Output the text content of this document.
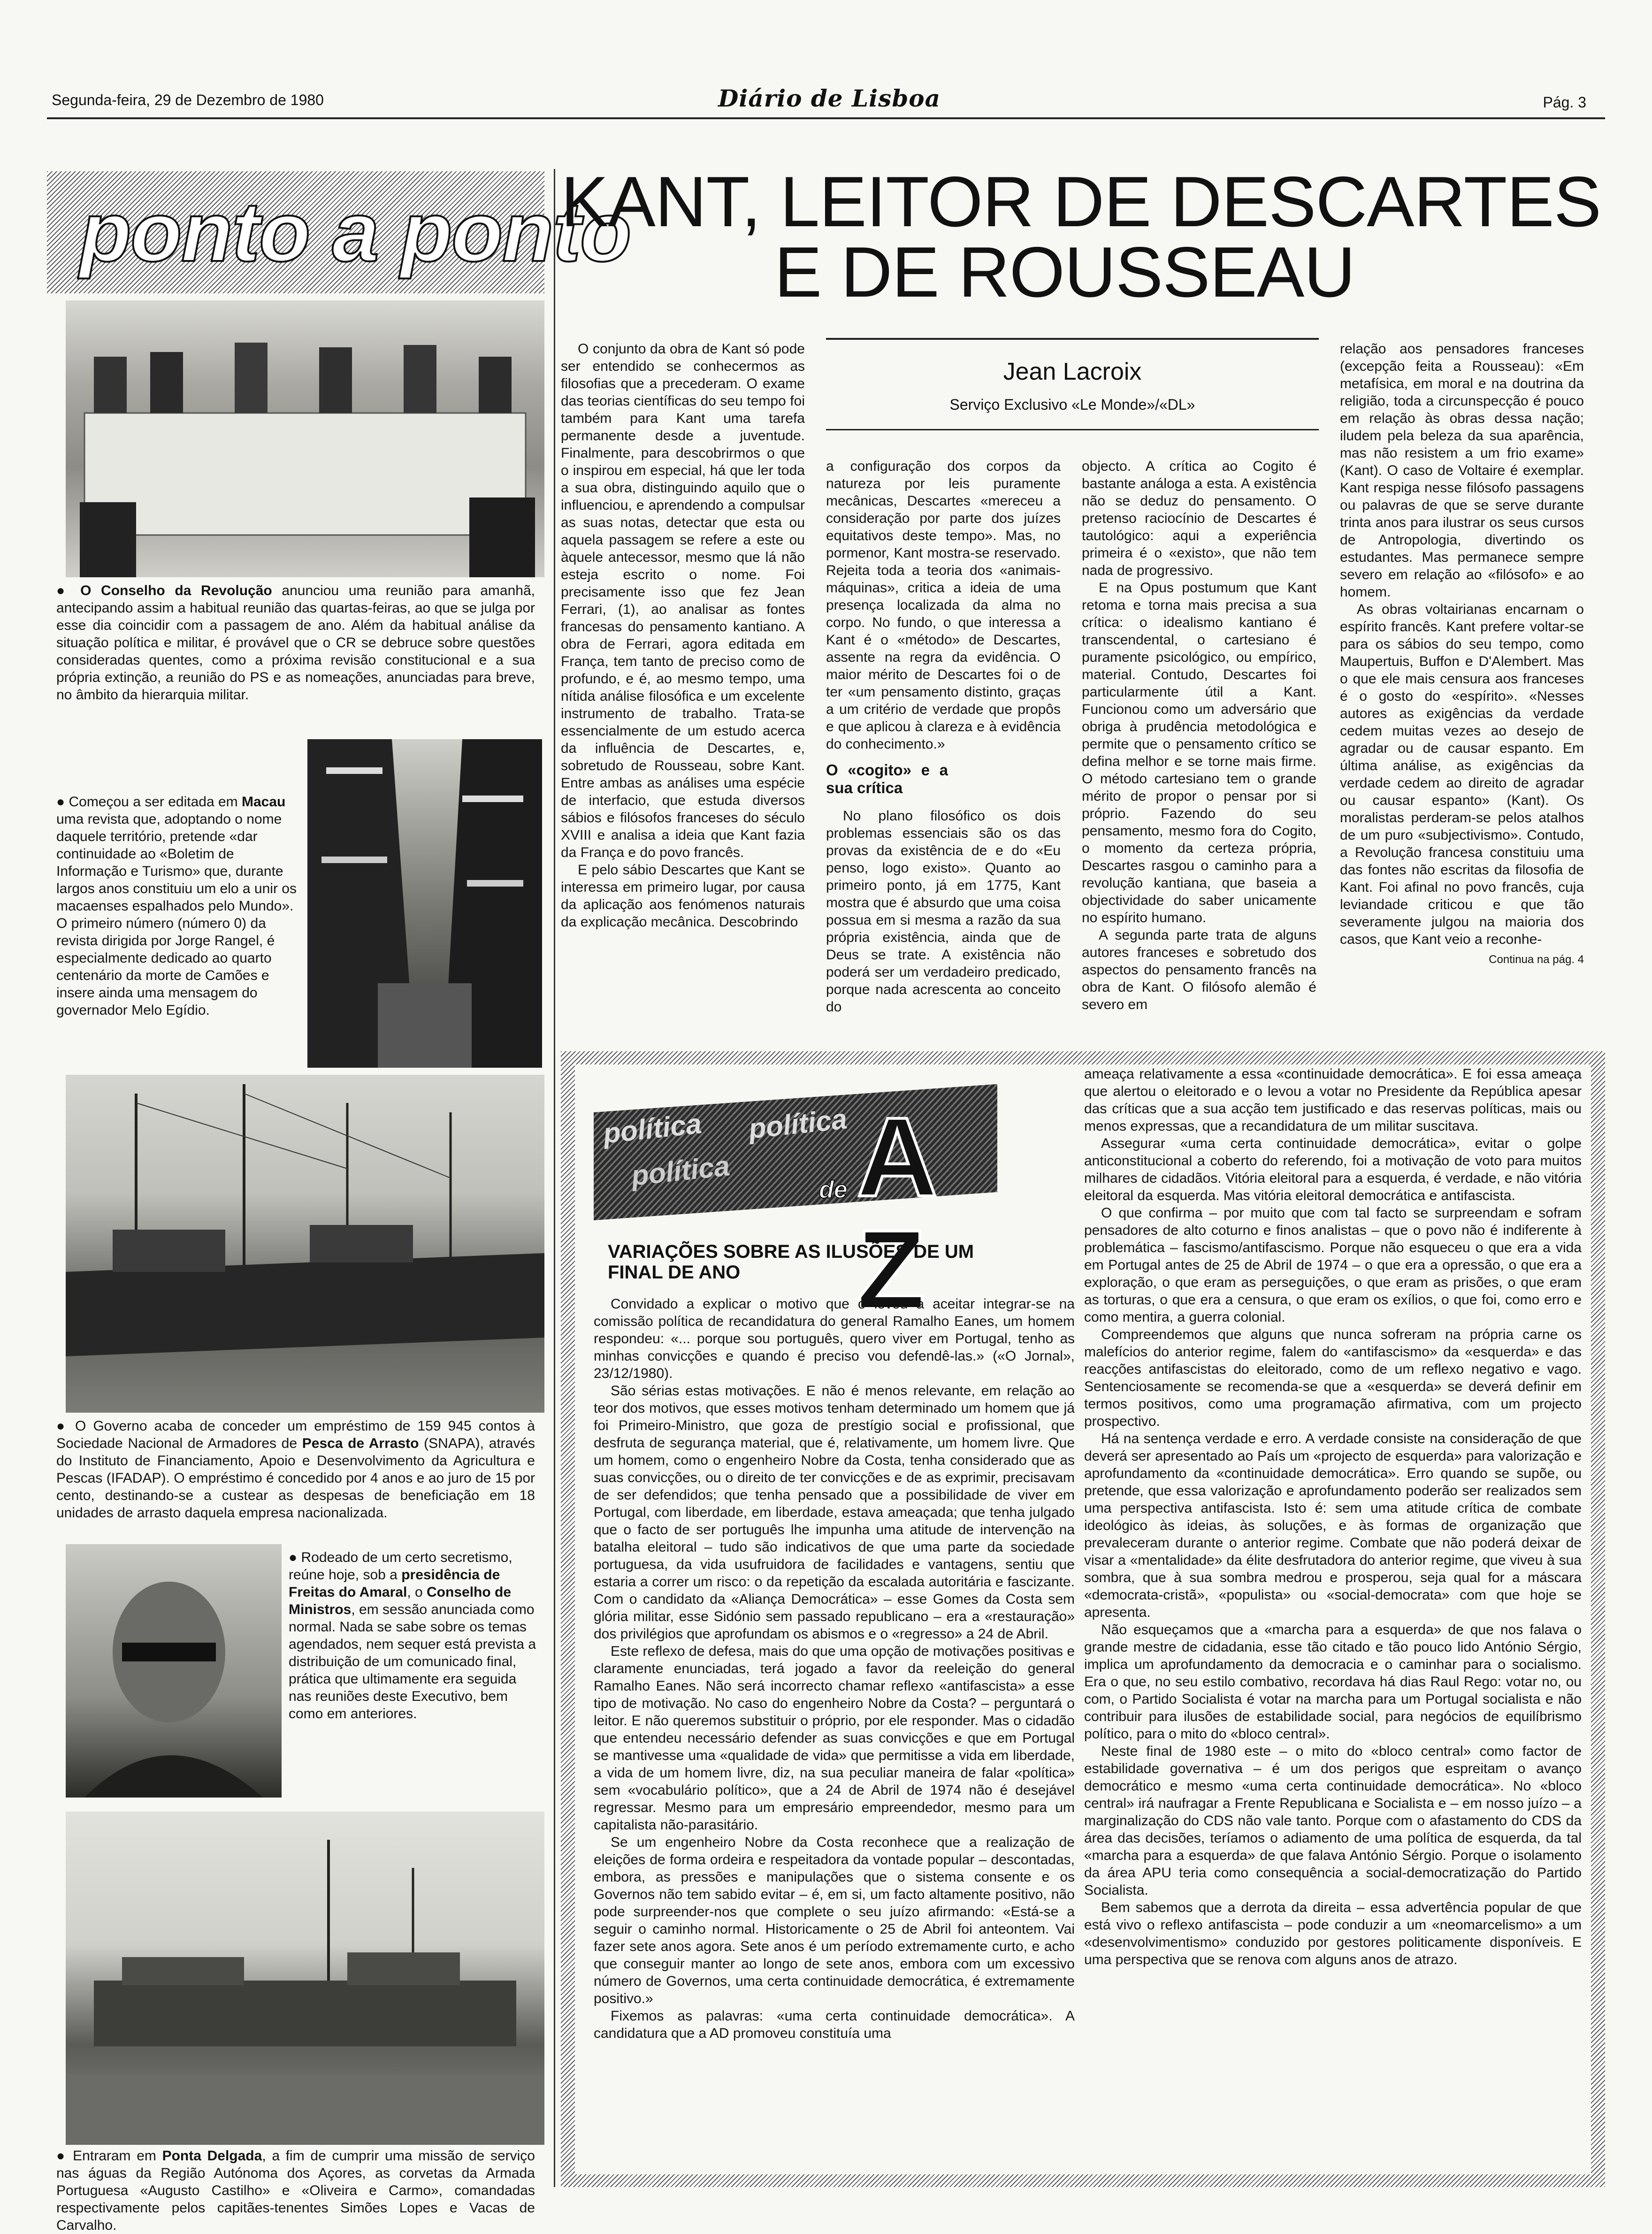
Segunda-feira, 29 de Dezembro de 1980	Diário de Lisboa	Pág. 3
ponto a ponto

● O Conselho da Revolução anunciou uma reunião para amanhã, antecipando assim a habitual reunião das quartas-feiras, ao que se julga por esse dia coincidir com a passagem de ano. Além da habitual análise da situação política e militar, é provável que o CR se debruce sobre questões consideradas quentes, como a próxima revisão constitucional e a sua própria extinção, a reunião do PS e as nomeações, anunciadas para breve, no âmbito da hierarquia militar.

● Começou a ser editada em Macau uma revista que, adoptando o nome daquele território, pretende «dar continuidade ao «Boletim de Informação e Turismo» que, durante largos anos constituiu um elo a unir os macaenses espalhados pelo Mundo». O primeiro número (número 0) da revista dirigida por Jorge Rangel, é especialmente dedicado ao quarto centenário da morte de Camões e insere ainda uma mensagem do governador Melo Egídio.

● O Governo acaba de conceder um empréstimo de 159 945 contos à Sociedade Nacional de Armadores de Pesca de Arrasto (SNAPA), através do Instituto de Financiamento, Apoio e Desenvolvimento da Agricultura e Pescas (IFADAP). O empréstimo é concedido por 4 anos e ao juro de 15 por cento, destinando-se a custear as despesas de beneficiação em 18 unidades de arrasto daquela empresa nacionalizada.

● Rodeado de um certo secretismo, reúne hoje, sob a presidência de Freitas do Amaral, o Conselho de Ministros, em sessão anunciada como normal. Nada se sabe sobre os temas agendados, nem sequer está prevista a distribuição de um comunicado final, prática que ultimamente era seguida nas reuniões deste Executivo, bem como em anteriores.

● Entraram em Ponta Delgada, a fim de cumprir uma missão de serviço nas águas da Região Autónoma dos Açores, as corvetas da Armada Portuguesa «Augusto Castilho» e «Oliveira e Carmo», comandadas respectivamente pelos capitães-tenentes Simões Lopes e Vacas de Carvalho.

KANT, LEITOR DE DESCARTES
E DE ROUSSEAU
Jean Lacroix
Serviço Exclusivo «Le Monde»/«DL»

O conjunto da obra de Kant só pode ser entendido se conhecermos as filosofias que a precederam. O exame das teorias científicas do seu tempo foi também para Kant uma tarefa permanente desde a juventude. Finalmente, para descobrirmos o que o inspirou em especial, há que ler toda a sua obra, distinguindo aquilo que o influenciou, e aprendendo a compulsar as suas notas, detectar que esta ou aquela passagem se refere a este ou àquele antecessor, mesmo que lá não esteja escrito o nome. Foi precisamente isso que fez Jean Ferrari, (1), ao analisar as fontes francesas do pensamento kantiano. A obra de Ferrari, agora editada em França, tem tanto de preciso como de profundo, e é, ao mesmo tempo, uma nítida análise filosófica e um excelente instrumento de trabalho. Trata-se essencialmente de um estudo acerca da influência de Descartes, e, sobretudo de Rousseau, sobre Kant. Entre ambas as análises uma espécie de interfacio, que estuda diversos sábios e filósofos franceses do século XVIII e analisa a ideia que Kant fazia da França e do povo francês.

E pelo sábio Descartes que Kant se interessa em primeiro lugar, por causa da aplicação aos fenómenos naturais da explicação mecânica. Descobrindo

a configuração dos corpos da natureza por leis puramente mecânicas, Descartes «mereceu a consideração por parte dos juízes equitativos deste tempo». Mas, no pormenor, Kant mostra-se reservado. Rejeita toda a teoria dos «animais-máquinas», critica a ideia de uma presença localizada da alma no corpo. No fundo, o que interessa a Kant é o «método» de Descartes, assente na regra da evidência. O maior mérito de Descartes foi o de ter «um pensamento distinto, graças a um critério de verdade que propôs e que aplicou à clareza e à evidência do conhecimento.»

O «cogito» e a sua crítica

No plano filosófico os dois problemas essenciais são os das provas da existência de e do «Eu penso, logo existo». Quanto ao primeiro ponto, já em 1775, Kant mostra que é absurdo que uma coisa possua em si mesma a razão da sua própria existência, ainda que de Deus se trate. A existência não poderá ser um verdadeiro predicado, porque nada acrescenta ao conceito do

objecto. A crítica ao Cogito é bastante análoga a esta. A existência não se deduz do pensamento. O pretenso raciocínio de Descartes é tautológico: aqui a experiência primeira é o «existo», que não tem nada de progressivo.

E na Opus postumum que Kant retoma e torna mais precisa a sua crítica: o idealismo kantiano é transcendental, o cartesiano é puramente psicológico, ou empírico, material. Contudo, Descartes foi particularmente útil a Kant. Funcionou como um adversário que obriga à prudência metodológica e permite que o pensamento crítico se defina melhor e se torne mais firme. O método cartesiano tem o grande mérito de propor o pensar por si próprio. Fazendo do seu pensamento, mesmo fora do Cogito, o momento da certeza própria, Descartes rasgou o caminho para a revolução kantiana, que baseia a objectividade do saber unicamente no espírito humano.

A segunda parte trata de alguns autores franceses e sobretudo dos aspectos do pensamento francês na obra de Kant. O filósofo alemão é severo em

relação aos pensadores franceses (excepção feita a Rousseau): «Em metafísica, em moral e na doutrina da religião, toda a circunspecção é pouco em relação às obras dessa nação; iludem pela beleza da sua aparência, mas não resistem a um frio exame» (Kant). O caso de Voltaire é exemplar. Kant respiga nesse filósofo passagens ou palavras de que se serve durante trinta anos para ilustrar os seus cursos de Antropologia, divertindo os estudantes. Mas permanece sempre severo em relação ao «filósofo» e ao homem.

As obras voltairianas encarnam o espírito francês. Kant prefere voltar-se para os sábios do seu tempo, como Maupertuis, Buffon e D'Alembert. Mas o que ele mais censura aos franceses é o gosto do «espírito». «Nesses autores as exigências da verdade cedem muitas vezes ao desejo de agradar ou de causar espanto. Em última análise, as exigências da verdade cedem ao direito de agradar ou causar espanto» (Kant). Os moralistas perderam-se pelos atalhos de um puro «subjectivismo». Contudo, a Revolução francesa constituiu uma das fontes não escritas da filosofia de Kant. Foi afinal no povo francês, cuja leviandade criticou e que tão severamente julgou na maioria dos casos, que Kant veio a reconhe-

Continua na pág. 4
política política
política	de A Z
VARIAÇÕES SOBRE AS ILUSÕES DE UM FINAL DE ANO

Convidado a explicar o motivo que o levou a aceitar integrar-se na comissão política de recandidatura do general Ramalho Eanes, um homem respondeu: «... porque sou português, quero viver em Portugal, tenho as minhas convicções e quando é preciso vou defendê-las.» («O Jornal», 23/12/1980).

São sérias estas motivações. E não é menos relevante, em relação ao teor dos motivos, que esses motivos tenham determinado um homem que já foi Primeiro-Ministro, que goza de prestígio social e profissional, que desfruta de segurança material, que é, relativamente, um homem livre. Que um homem, como o engenheiro Nobre da Costa, tenha considerado que as suas convicções, ou o direito de ter convicções e de as exprimir, precisavam de ser defendidos; que tenha pensado que a possibilidade de viver em Portugal, com liberdade, em liberdade, estava ameaçada; que tenha julgado que o facto de ser português lhe impunha uma atitude de intervenção na batalha eleitoral – tudo são indicativos de que uma parte da sociedade portuguesa, da vida usufruidora de facilidades e vantagens, sentiu que estaria a correr um risco: o da repetição da escalada autoritária e fascizante. Com o candidato da «Aliança Democrática» – esse Gomes da Costa sem glória militar, esse Sidónio sem passado republicano – era a «restauração» dos privilégios que aprofundam os abismos e o «regresso» a 24 de Abril.

Este reflexo de defesa, mais do que uma opção de motivações positivas e claramente enunciadas, terá jogado a favor da reeleição do general Ramalho Eanes. Não será incorrecto chamar reflexo «antifascista» a esse tipo de motivação. No caso do engenheiro Nobre da Costa? – perguntará o leitor. E não queremos substituir o próprio, por ele responder. Mas o cidadão que entendeu necessário defender as suas convicções e que em Portugal se mantivesse uma «qualidade de vida» que permitisse a vida em liberdade, a vida de um homem livre, diz, na sua peculiar maneira de falar «política» sem «vocabulário político», que a 24 de Abril de 1974 não é desejável regressar. Mesmo para um empresário empreendedor, mesmo para um capitalista não-parasitário.

Se um engenheiro Nobre da Costa reconhece que a realização de eleições de forma ordeira e respeitadora da vontade popular – descontadas, embora, as pressões e manipulações que o sistema consente e os Governos não tem sabido evitar – é, em si, um facto altamente positivo, não pode surpreender-nos que complete o seu juízo afirmando: «Está-se a seguir o caminho normal. Historicamente o 25 de Abril foi anteontem. Vai fazer sete anos agora. Sete anos é um período extremamente curto, e acho que conseguir manter ao longo de sete anos, embora com um excessivo número de Governos, uma certa continuidade democrática, é extremamente positivo.»

Fixemos as palavras: «uma certa continuidade democrática». A candidatura que a AD promoveu constituía uma

ameaça relativamente a essa «continuidade democrática». E foi essa ameaça que alertou o eleitorado e o levou a votar no Presidente da República apesar das críticas que a sua acção tem justificado e das reservas políticas, mais ou menos expressas, que a recandidatura de um militar suscitava.

Assegurar «uma certa continuidade democrática», evitar o golpe anticonstitucional a coberto do referendo, foi a motivação de voto para muitos milhares de cidadãos. Vitória eleitoral para a esquerda, é verdade, e não vitória eleitoral da esquerda. Mas vitória eleitoral democrática e antifascista.

O que confirma – por muito que com tal facto se surpreendam e sofram pensadores de alto coturno e finos analistas – que o povo não é indiferente à problemática – fascismo/antifascismo. Porque não esqueceu o que era a vida em Portugal antes de 25 de Abril de 1974 – o que era a opressão, o que era a exploração, o que eram as perseguições, o que eram as prisões, o que eram as torturas, o que era a censura, o que eram os exílios, o que foi, como erro e como mentira, a guerra colonial.

Compreendemos que alguns que nunca sofreram na própria carne os malefícios do anterior regime, falem do «antifascismo» da «esquerda» e das reacções antifascistas do eleitorado, como de um reflexo negativo e vago. Sentenciosamente se recomenda-se que a «esquerda» se deverá definir em termos positivos, como uma programação afirmativa, com um projecto prospectivo.

Há na sentença verdade e erro. A verdade consiste na consideração de que deverá ser apresentado ao País um «projecto de esquerda» para valorização e aprofundamento da «continuidade democrática». Erro quando se supõe, ou pretende, que essa valorização e aprofundamento poderão ser realizados sem uma perspectiva antifascista. Isto é: sem uma atitude crítica de combate ideológico às ideias, às soluções, e às formas de organização que prevaleceram durante o anterior regime. Combate que não poderá deixar de visar a «mentalidade» da élite desfrutadora do anterior regime, que viveu à sua sombra, que à sua sombra medrou e prosperou, seja qual for a máscara «democrata-cristã», «populista» ou «social-democrata» com que hoje se apresenta.

Não esqueçamos que a «marcha para a esquerda» de que nos falava o grande mestre de cidadania, esse tão citado e tão pouco lido António Sérgio, implica um aprofundamento da democracia e o caminhar para o socialismo. Era o que, no seu estilo combativo, recordava há dias Raul Rego: votar no, ou com, o Partido Socialista é votar na marcha para um Portugal socialista e não contribuir para ilusões de estabilidade social, para negócios de equilíbrismo político, para o mito do «bloco central».

Neste final de 1980 este – o mito do «bloco central» como factor de estabilidade governativa – é um dos perigos que espreitam o avanço democrático e mesmo «uma certa continuidade democrática». No «bloco central» irá naufragar a Frente Republicana e Socialista e – em nosso juízo – a marginalização do CDS não vale tanto. Porque com o afastamento do CDS da área das decisões, teríamos o adiamento de uma política de esquerda, da tal «marcha para a esquerda» de que falava António Sérgio. Porque o isolamento da área APU teria como consequência a social-democratização do Partido Socialista.

Bem sabemos que a derrota da direita – essa advertência popular de que está vivo o reflexo antifascista – pode conduzir a um «neomarcelismo» a um «desenvolvimentismo» conduzido por gestores politicamente disponíveis. E uma perspectiva que se renova com alguns anos de atrazo.
